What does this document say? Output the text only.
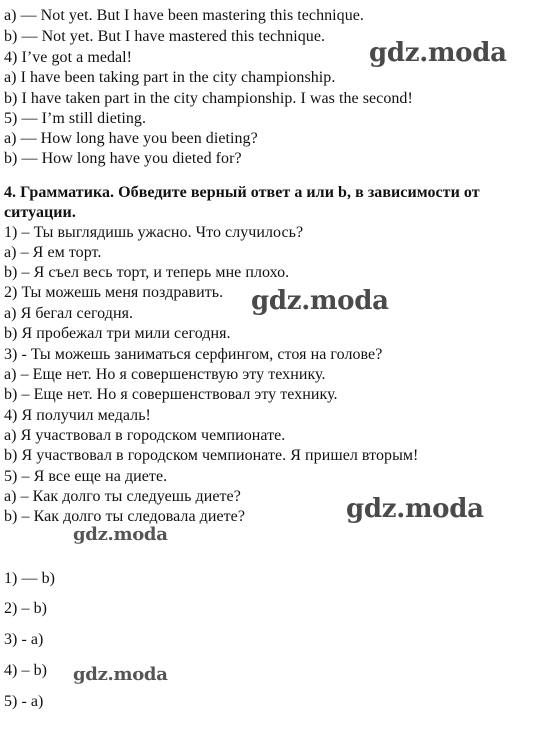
a) — Not yet. But I have been mastering this technique.
b) — Not yet. But I have mastered this technique.
4) I’ve got a medal!
a) I have been taking part in the city championship.
b) I have taken part in the city championship. I was the second!
5) — I’m still dieting.
a) — How long have you been dieting?
b) — How long have you dieted for?
4. Грамматика. Обведите верный ответ a или b, в зависимости от
ситуации.
1) – Ты выглядишь ужасно. Что случилось?
a) – Я ем торт.
b) – Я съел весь торт, и теперь мне плохо.
2) Ты можешь меня поздравить.
a) Я бегал сегодня.
b) Я пробежал три мили сегодня.
3) - Ты можешь заниматься серфингом, стоя на голове?
a) – Еще нет. Но я совершенствую эту технику.
b) – Еще нет. Но я совершенствовал эту технику.
4) Я получил медаль!
a) Я участвовал в городском чемпионате.
b) Я участвовал в городском чемпионате. Я пришел вторым!
5) – Я все еще на диете.
a) – Как долго ты следуешь диете?
b) – Как долго ты следовала диете?
1) — b)
2) – b)
3) - a)
4) – b)
5) - a)
gdz.moda
gdz.moda
gdz.moda
gdz.moda
gdz.moda
